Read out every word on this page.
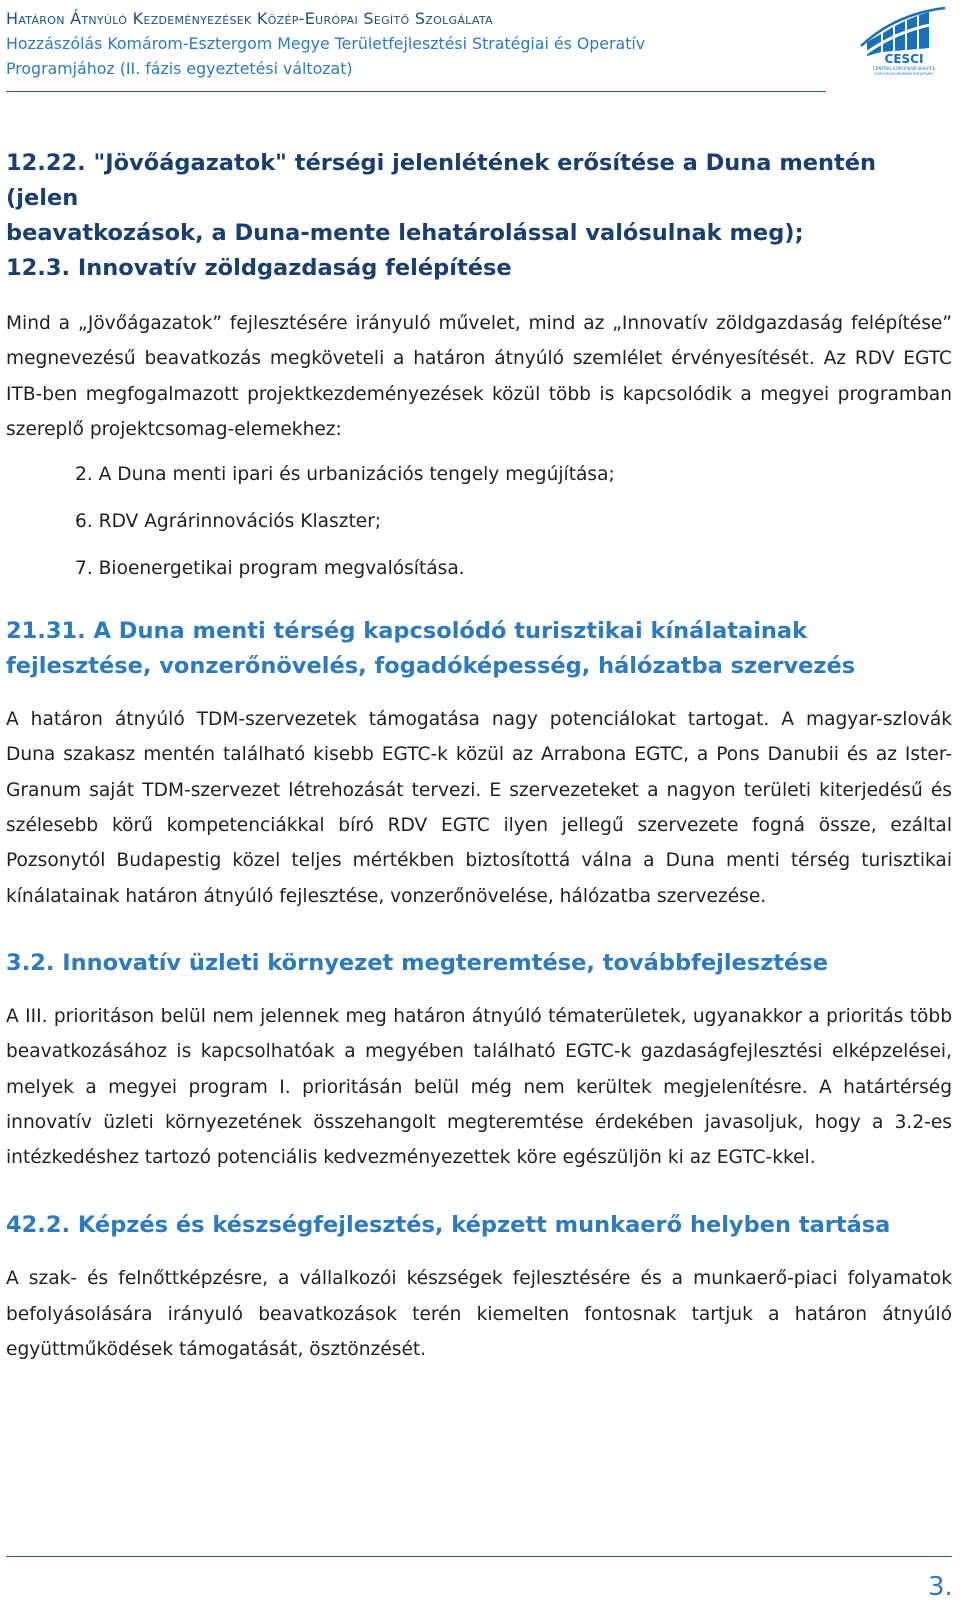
Határon Átnyúló Kezdeményezések Közép-Európai Segítő Szolgálata
Hozzászólás Komárom-Esztergom Megye Területfejlesztési Stratégiai és Operatív
Programjához (II. fázis egyeztetési változat)	CESCI
CENTRAL EUROPEAN SERVICE
FOR CROSS-BORDER INITIATIVES
12.22. "Jövőágazatok" térségi jelenlétének erősítése a Duna mentén (jelen
beavatkozások, a Duna-mente lehatárolással valósulnak meg);
12.3. Innovatív zöldgazdaság felépítése
Mind a „Jövőágazatok” fejlesztésére irányuló művelet, mind az „Innovatív zöldgazdaság felépítése” megnevezésű beavatkozás megköveteli a határon átnyúló szemlélet érvényesítését. Az RDV EGTC ITB-ben megfogalmazott projektkezdeményezések közül több is kapcsolódik a megyei programban szereplő projektcsomag-elemekhez:
2. A Duna menti ipari és urbanizációs tengely megújítása;
6. RDV Agrárinnovációs Klaszter;
7. Bioenergetikai program megvalósítása.
21.31. A Duna menti térség kapcsolódó turisztikai kínálatainak fejlesztése, vonzerőnövelés, fogadóképesség, hálózatba szervezés
A határon átnyúló TDM-szervezetek támogatása nagy potenciálokat tartogat. A magyar-szlovák Duna szakasz mentén található kisebb EGTC-k közül az Arrabona EGTC, a Pons Danubii és az Ister-Granum saját TDM-szervezet létrehozását tervezi. E szervezeteket a nagyon területi kiterjedésű és szélesebb körű kompetenciákkal bíró RDV EGTC ilyen jellegű szervezete fogná össze, ezáltal Pozsonytól Budapestig közel teljes mértékben biztosítottá válna a Duna menti térség turisztikai kínálatainak határon átnyúló fejlesztése, vonzerőnövelése, hálózatba szervezése.
3.2. Innovatív üzleti környezet megteremtése, továbbfejlesztése
A III. prioritáson belül nem jelennek meg határon átnyúló tématerületek, ugyanakkor a prioritás több beavatkozásához is kapcsolhatóak a megyében található EGTC-k gazdaságfejlesztési elképzelései, melyek a megyei program I. prioritásán belül még nem kerültek megjelenítésre. A határtérség innovatív üzleti környezetének összehangolt megteremtése érdekében javasoljuk, hogy a 3.2-es intézkedéshez tartozó potenciális kedvezményezettek köre egészüljön ki az EGTC-kkel.
42.2. Képzés és készségfejlesztés, képzett munkaerő helyben tartása
A szak- és felnőttképzésre, a vállalkozói készségek fejlesztésére és a munkaerő-piaci folyamatok befolyásolására irányuló beavatkozások terén kiemelten fontosnak tartjuk a határon átnyúló együttműködések támogatását, ösztönzését.
3.
